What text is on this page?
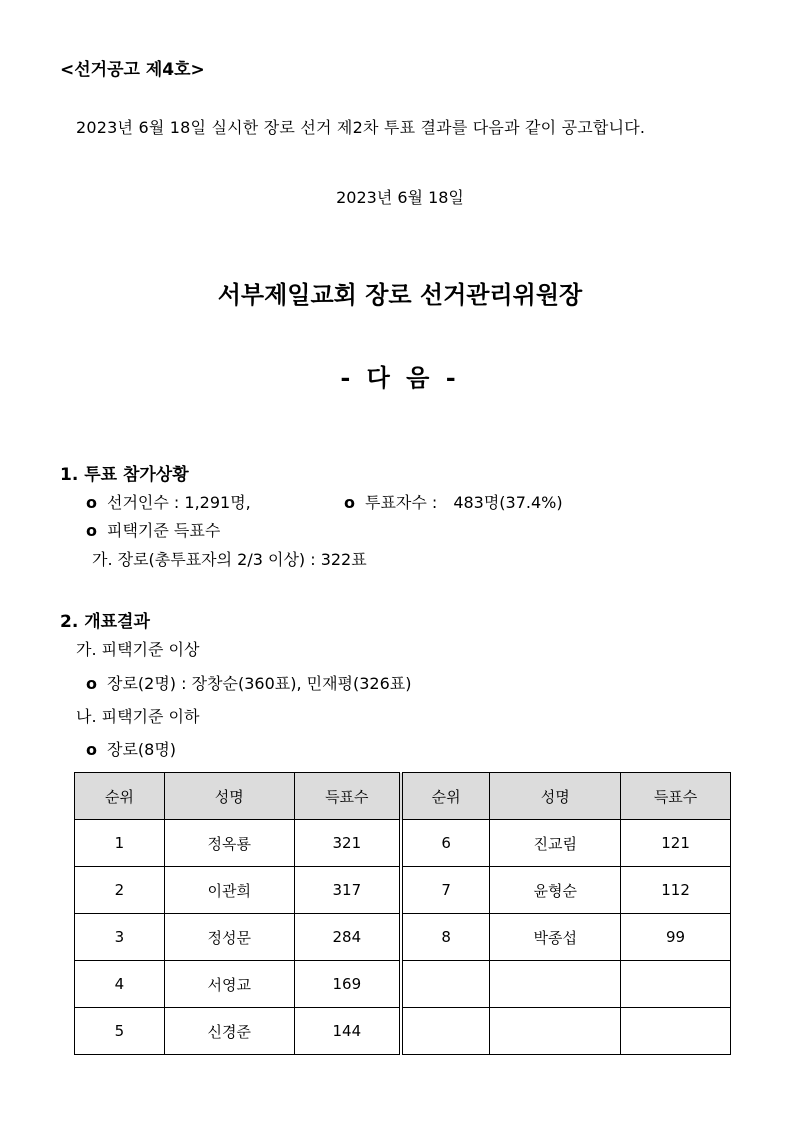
<선거공고 제4호>
2023년 6월 18일 실시한 장로 선거 제2차 투표 결과를 다음과 같이 공고합니다.
2023년 6월 18일
서부제일교회 장로 선거관리위원장
- 다 음 -
1. 투표 참가상황
o 선거인수 : 1,291명,	o 투표자수 : 483명(37.4%)
o 피택기준 득표수
가. 장로(총투표자의 2/3 이상) : 322표
2. 개표결과
가. 피택기준 이상
o 장로(2명) : 장창순(360표), 민재평(326표)
나. 피택기준 이하
o 장로(8명)
순위	성명	득표수	순위	성명	득표수
1	정옥룡	321	6	진교림	121
2	이관희	317	7	윤형순	112
3	정성문	284	8	박종섭	99
4	서영교	169			
5	신경준	144			
